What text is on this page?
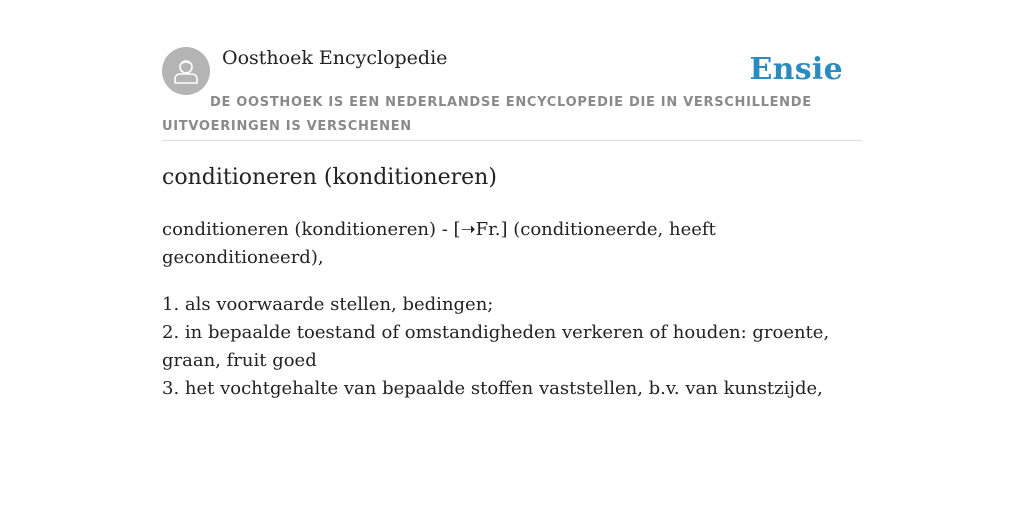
Oosthoek Encyclopedie	Ensie
DE OOSTHOEK IS EEN NEDERLANDSE ENCYCLOPEDIE DIE IN VERSCHILLENDE UITVOERINGEN IS VERSCHENEN
conditioneren (konditioneren)

conditioneren (konditioneren) - [➝Fr.] (conditioneerde, heeft geconditioneerd),

1. als voorwaarde stellen, bedingen;

2. in bepaalde toestand of omstandigheden verkeren of houden: groente, graan, fruit goed

3. het vochtgehalte van bepaalde stoffen vaststellen, b.v. van kunstzijde,
